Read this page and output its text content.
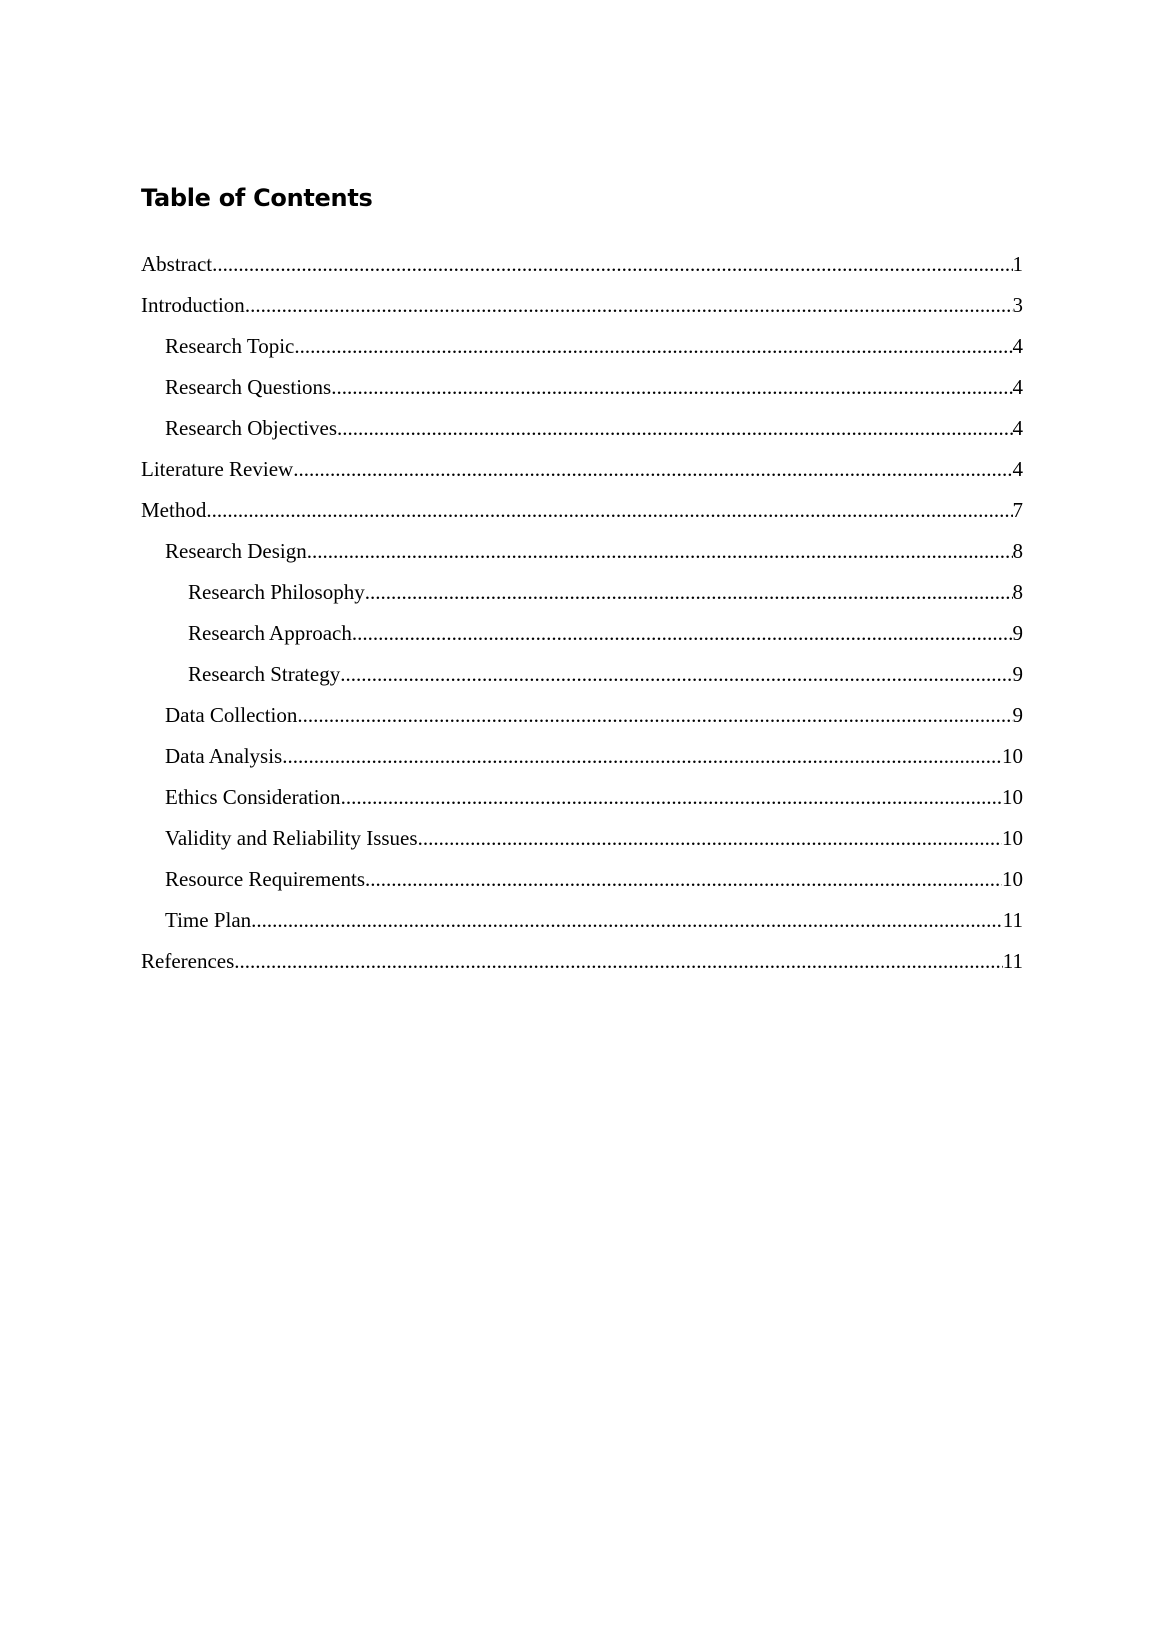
Table of Contents
Abstract .....	1
Introduction .....	3
Research Topic .....	4
Research Questions .....	4
Research Objectives .....	4
Literature Review .....	4
Method .....	7
Research Design .....	8
Research Philosophy .....	8
Research Approach .....	9
Research Strategy .....	9
Data Collection .....	9
Data Analysis .....	10
Ethics Consideration .....	10
Validity and Reliability Issues .....	10
Resource Requirements .....	10
Time Plan .....	11
References .....	11
